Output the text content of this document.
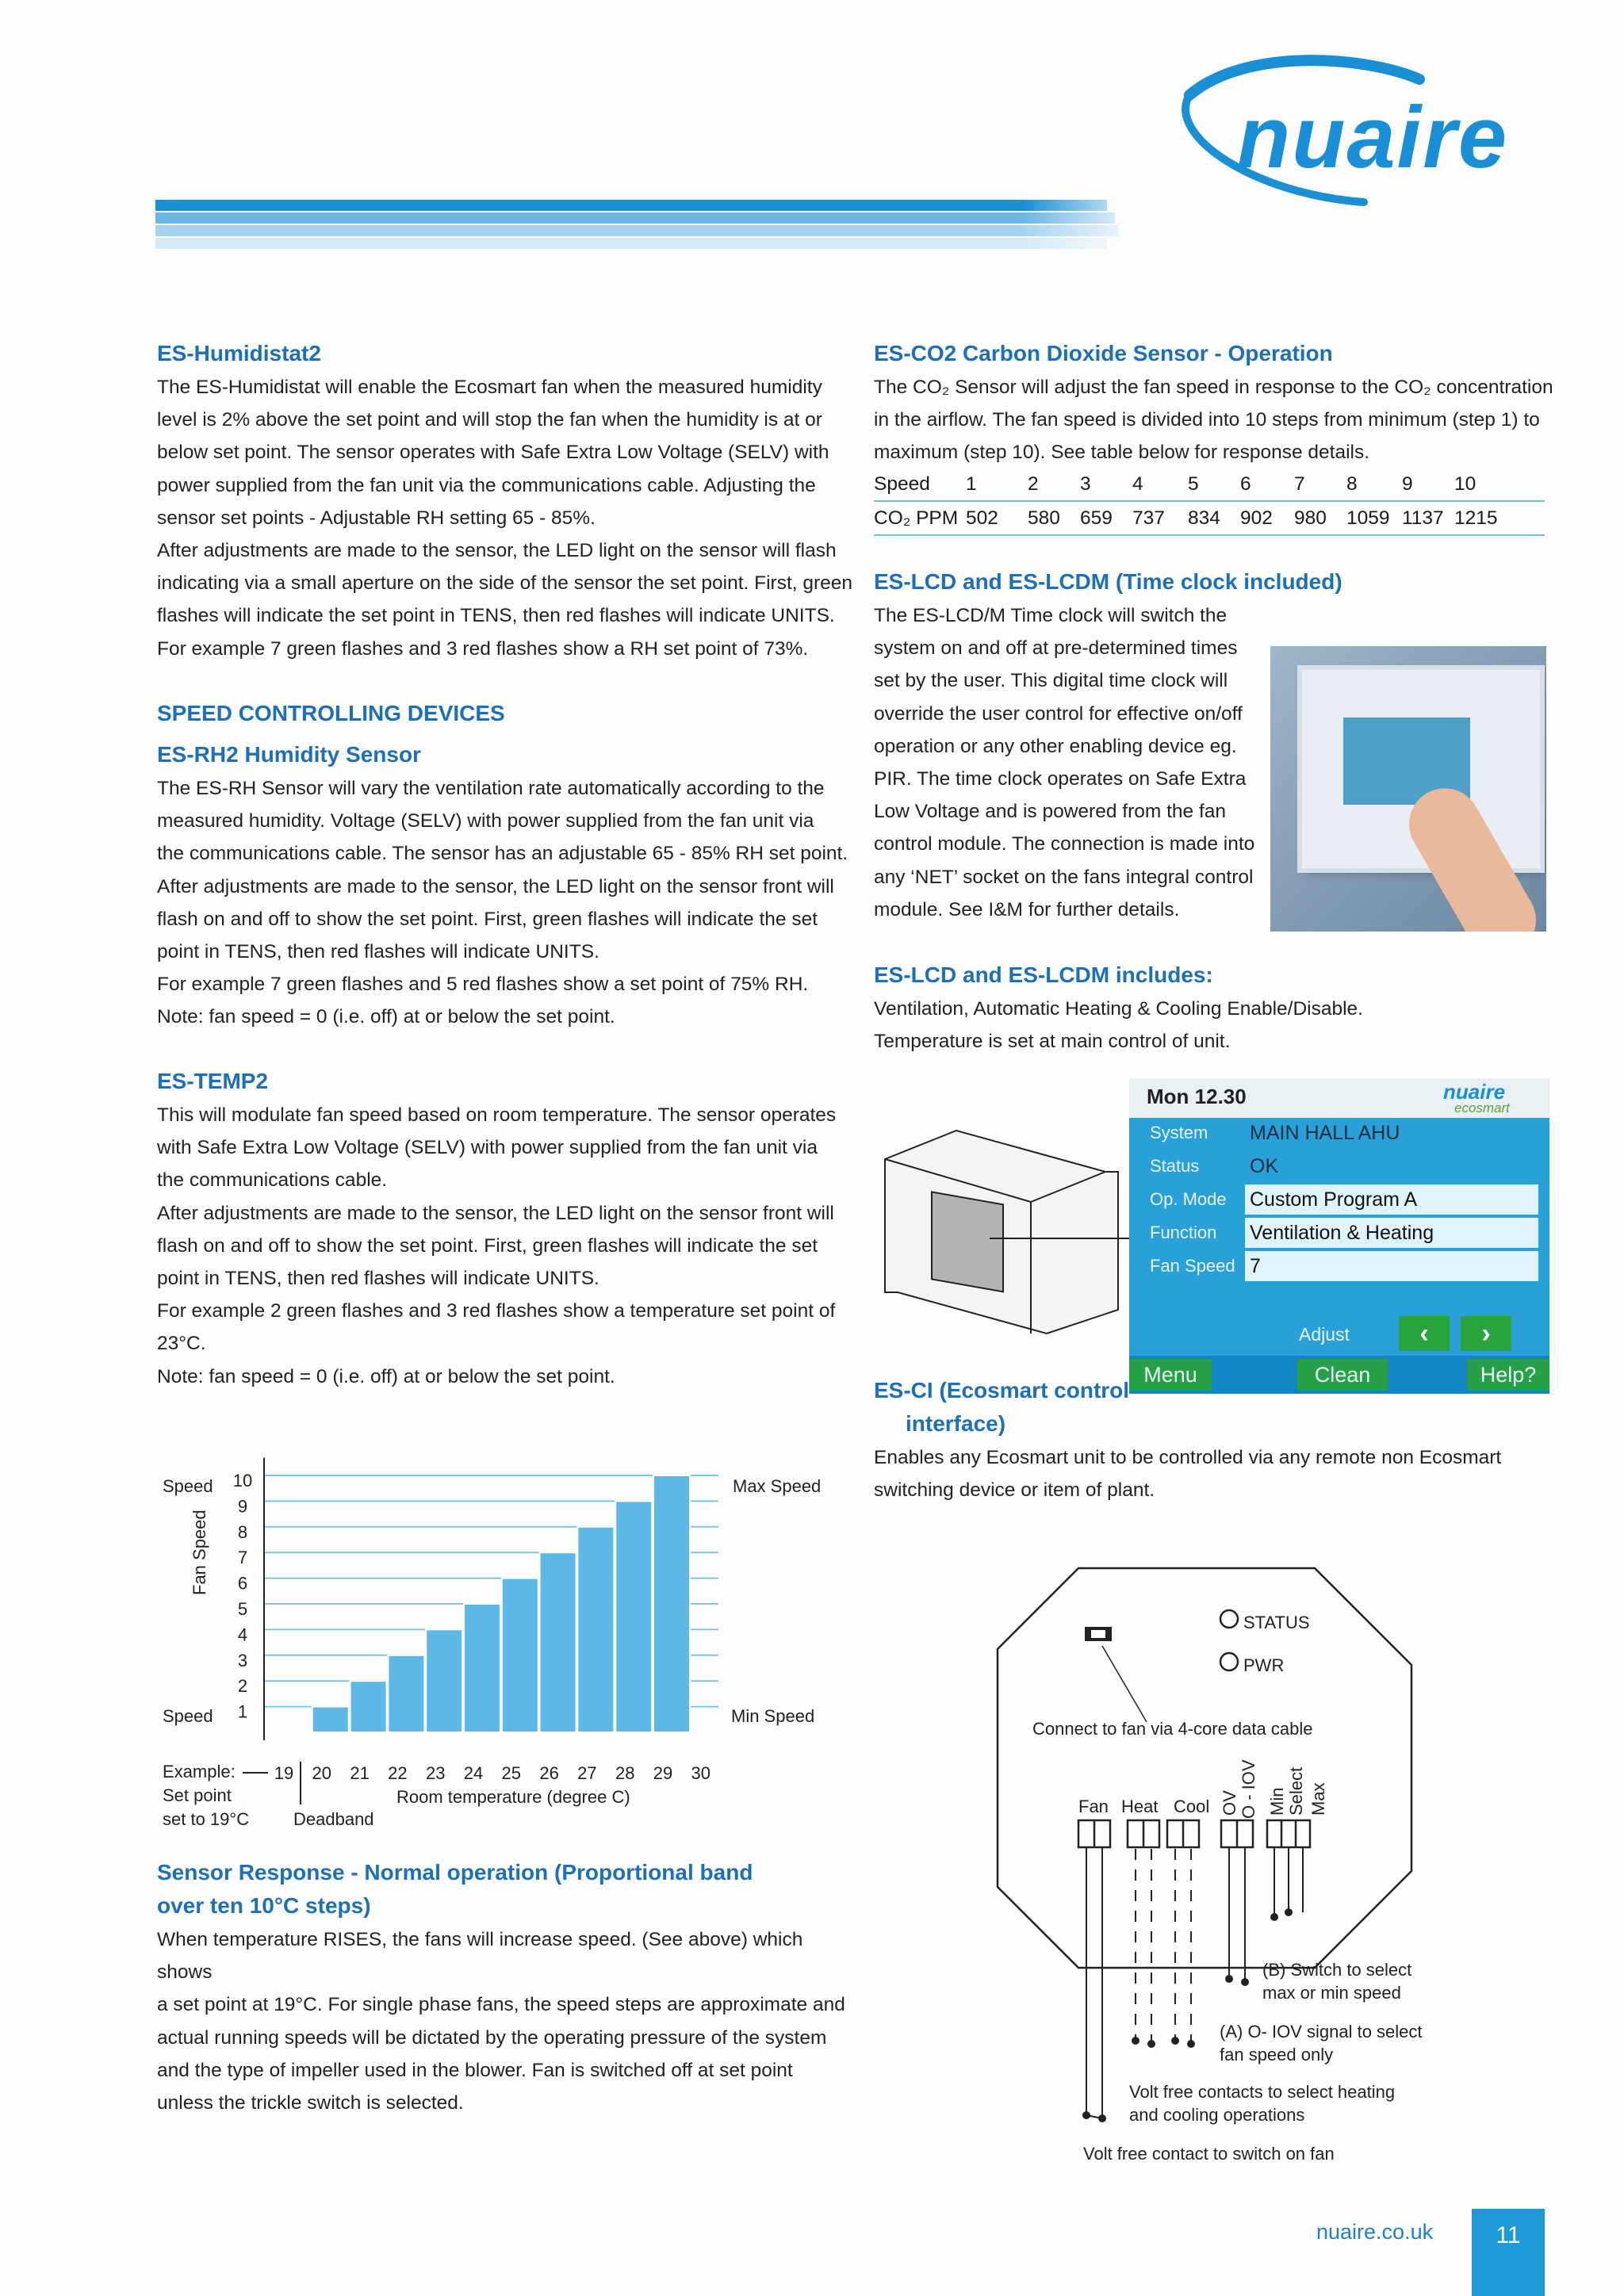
nuaire
ES-Humidistat2

The ES-Humidistat will enable the Ecosmart fan when the measured humidity

level is 2% above the set point and will stop the fan when the humidity is at or

below set point. The sensor operates with Safe Extra Low Voltage (SELV) with

power supplied from the fan unit via the communications cable. Adjusting the

sensor set points - Adjustable RH setting 65 - 85%.

After adjustments are made to the sensor, the LED light on the sensor will flash

indicating via a small aperture on the side of the sensor the set point. First, green

flashes will indicate the set point in TENS, then red flashes will indicate UNITS.

For example 7 green flashes and 3 red flashes show a RH set point of 73%.

SPEED CONTROLLING DEVICES
ES-RH2 Humidity Sensor

The ES-RH Sensor will vary the ventilation rate automatically according to the

measured humidity. Voltage (SELV) with power supplied from the fan unit via

the communications cable. The sensor has an adjustable 65 - 85% RH set point.

After adjustments are made to the sensor, the LED light on the sensor front will

flash on and off to show the set point. First, green flashes will indicate the set

point in TENS, then red flashes will indicate UNITS.

For example 7 green flashes and 5 red flashes show a set point of 75% RH.

Note: fan speed = 0 (i.e. off) at or below the set point.

ES-TEMP2

This will modulate fan speed based on room temperature. The sensor operates

with Safe Extra Low Voltage (SELV) with power supplied from the fan unit via

the communications cable.

After adjustments are made to the sensor, the LED light on the sensor front will

flash on and off to show the set point. First, green flashes will indicate the set

point in TENS, then red flashes will indicate UNITS.

For example 2 green flashes and 3 red flashes show a temperature set point of

23°C.

Note: fan speed = 0 (i.e. off) at or below the set point.

1
2
3
4
5
6
7
8
9
10
19 20 21 22 23 24 25 26 27 28 29 30
Speed
Speed
Max Speed
Min Speed
Fan Speed
Example:
Set point
set to 19°C	Deadband
Room temperature (degree C)
Sensor Response - Normal operation (Proportional band
over ten 10°C steps)

When temperature RISES, the fans will increase speed. (See above) which shows

a set point at 19°C. For single phase fans, the speed steps are approximate and

actual running speeds will be dictated by the operating pressure of the system

and the type of impeller used in the blower. Fan is switched off at set point

unless the trickle switch is selected.

ES-CO2 Carbon Dioxide Sensor - Operation

The CO₂ Sensor will adjust the fan speed in response to the CO₂ concentration

in the airflow. The fan speed is divided into 10 steps from minimum (step 1) to

maximum (step 10). See table below for response details.

Speed	1	2	3	4	5	6	7	8	9	10
CO₂ PPM 502	580	659	737	834	902	980	1059 1137 1215
ES-LCD and ES-LCDM (Time clock included)

The ES-LCD/M Time clock will switch the

system on and off at pre-determined times

set by the user. This digital time clock will

override the user control for effective on/off

operation or any other enabling device eg.

PIR. The time clock operates on Safe Extra

Low Voltage and is powered from the fan

control module. The connection is made into

any ‘NET’ socket on the fans integral control

module. See I&M for further details.

ES-LCD and ES-LCDM includes:

Ventilation, Automatic Heating & Cooling Enable/Disable.

Temperature is set at main control of unit.

Mon 12.30	nuaire
ecosmart
System MAIN HALL AHU
Status	OK
Op. Mode Custom Program A
Function Ventilation & Heating
Fan Speed 7
Adjust	‹	›
Menu	Clean	Help?
ES-CI (Ecosmart control
interface)

Enables any Ecosmart unit to be controlled via any remote non Ecosmart

switching device or item of plant.

STATUS
PWR
Connect to fan via 4-core data cable
Fan Heat Cool OV O - IOV Min Select Max
(B) Switch to select
max or min speed
(A) O- IOV signal to select
fan speed only
Volt free contacts to select heating
and cooling operations
Volt free contact to switch on fan
nuaire.co.uk	11
